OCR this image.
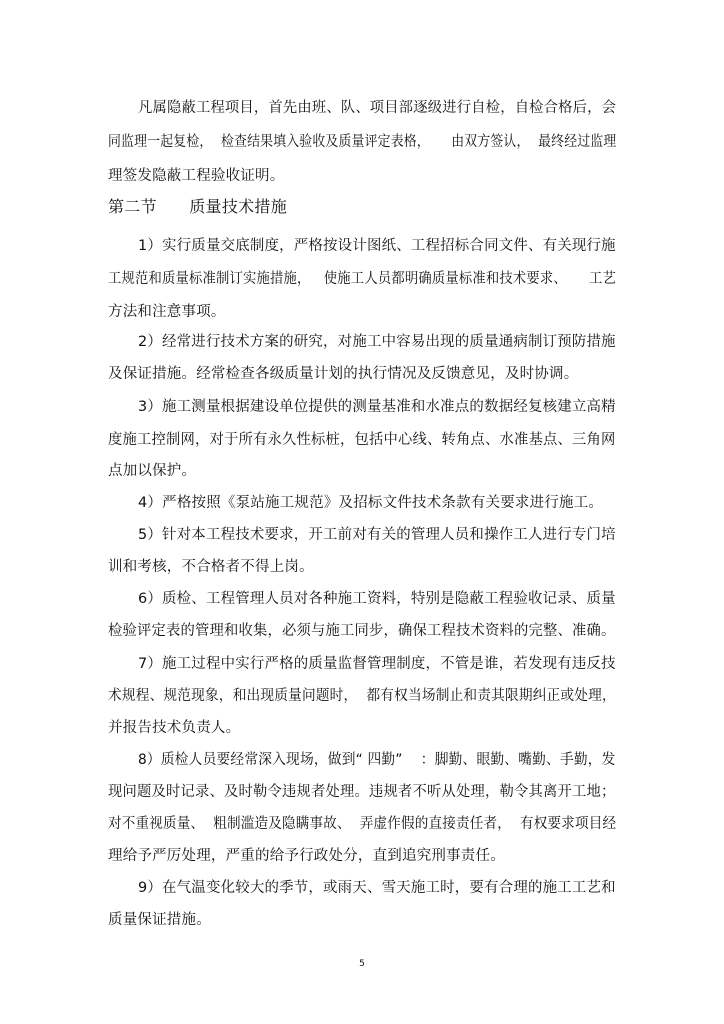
凡属隐蔽工程项目，首先由班、队、项目部逐级进行自检，自检合格后，会
同监理一起复检，  检查结果填入验收及质量评定表格，     由双方签认，  最终经过监理
理签发隐蔽工程验收证明。
第二节      质量技术措施
1）实行质量交底制度，严格按设计图纸、工程招标合同文件、有关现行施
工规范和质量标准制订实施措施，   使施工人员都明确质量标准和技术要求、     工艺
方法和注意事项。
2）经常进行技术方案的研究，对施工中容易出现的质量通病制订预防措施
及保证措施。经常检查各级质量计划的执行情况及反馈意见，及时协调。
3）施工测量根据建设单位提供的测量基准和水准点的数据经复核建立高精
度施工控制网，对于所有永久性标桩，包括中心线、转角点、水准基点、三角网
点加以保护。
4）严格按照《泵站施工规范》及招标文件技术条款有关要求进行施工。
5）针对本工程技术要求，开工前对有关的管理人员和操作工人进行专门培
训和考核，不合格者不得上岗。
6）质检、工程管理人员对各种施工资料，特别是隐蔽工程验收记录、质量
检验评定表的管理和收集，必须与施工同步，确保工程技术资料的完整、准确。
7）施工过程中实行严格的质量监督管理制度，不管是谁，若发现有违反技
术规程、规范现象，和出现质量问题时，  都有权当场制止和责其限期纠正或处理，
并报告技术负责人。
8）质检人员要经常深入现场，做到“ 四勤”    ：脚勤、眼勤、嘴勤、手勤，发
现问题及时记录、及时勒令违规者处理。违规者不听从处理，勒令其离开工地；
对不重视质量、  粗制滥造及隐瞒事故、  弄虚作假的直接责任者，  有权要求项目经
理给予严厉处理，严重的给予行政处分，直到追究刑事责任。
9）在气温变化较大的季节，或雨天、雪天施工时，要有合理的施工工艺和
质量保证措施。
5
